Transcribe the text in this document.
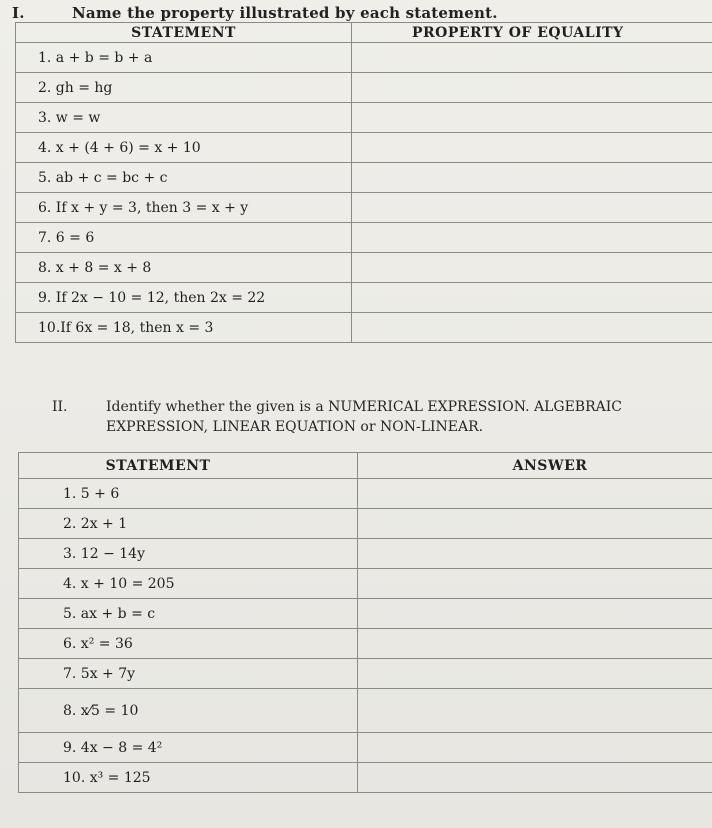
I.	Name the property illustrated by each statement.
STATEMENT	PROPERTY OF EQUALITY
1. a + b = b + a	
2. gh = hg	
3. w = w	
4. x + (4 + 6) = x + 10	
5. ab + c = bc + c	
6. If x + y = 3, then 3 = x + y	
7. 6 = 6	
8. x + 8 = x + 8	
9. If 2x − 10 = 12, then 2x = 22	
10.If 6x = 18, then x = 3	
II.	Identify whether the given is a NUMERICAL EXPRESSION. ALGEBRAIC
EXPRESSION, LINEAR EQUATION or NON-LINEAR.
STATEMENT	ANSWER
1. 5 + 6	
2. 2x + 1	
3. 12 − 14y	
4. x + 10 = 205	
5. ax + b = c	
6. x² = 36	
7. 5x + 7y	
8. x⁄5 = 10	
9. 4x − 8 = 4²	
10. x³ = 125	
